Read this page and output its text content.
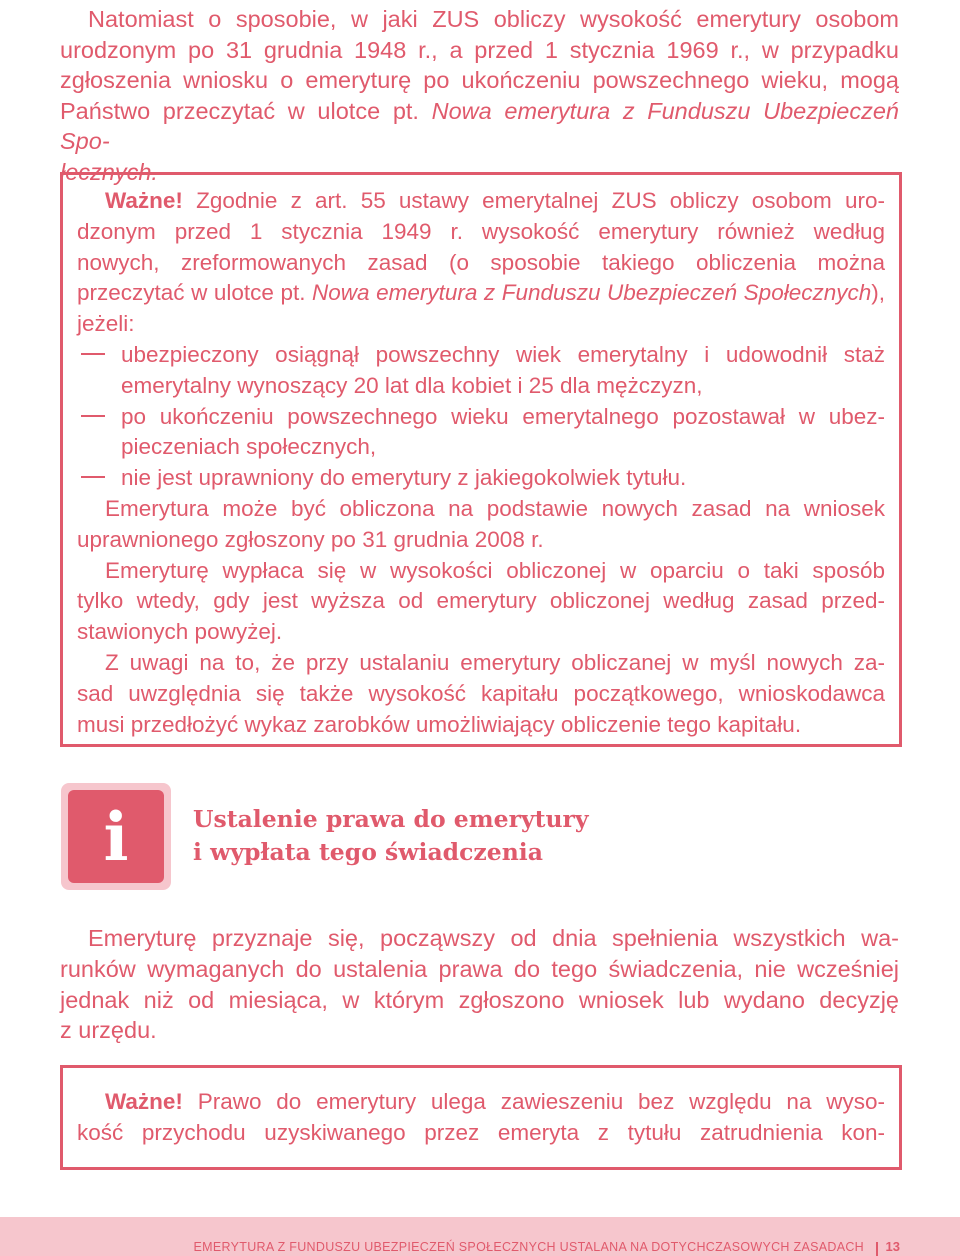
Natomiast o sposobie, w jaki ZUS obliczy wysokość emerytury osobom
urodzonym po 31 grudnia 1948 r., a przed 1 stycznia 1969 r., w przypadku
zgłoszenia wniosku o emeryturę po ukończeniu powszechnego wieku, mogą
Państwo przeczytać w ulotce pt. Nowa emerytura z Funduszu Ubezpieczeń Spo-
łecznych.
Ważne! Zgodnie z art. 55 ustawy emerytalnej ZUS obliczy osobom uro-
dzonym przed 1 stycznia 1949 r. wysokość emerytury również według
nowych, zreformowanych zasad (o sposobie takiego obliczenia można
przeczytać w ulotce pt. Nowa emerytura z Funduszu Ubezpieczeń Społecznych),
jeżeli:
ubezpieczony osiągnął powszechny wiek emerytalny i udowodnił staż
emerytalny wynoszący 20 lat dla kobiet i 25 dla mężczyzn,
po ukończeniu powszechnego wieku emerytalnego pozostawał w ubez-
pieczeniach społecznych,
nie jest uprawniony do emerytury z jakiegokolwiek tytułu.
Emerytura może być obliczona na podstawie nowych zasad na wniosek
uprawnionego zgłoszony po 31 grudnia 2008 r.
Emeryturę wypłaca się w wysokości obliczonej w oparciu o taki sposób
tylko wtedy, gdy jest wyższa od emerytury obliczonej według zasad przed-
stawionych powyżej.
Z uwagi na to, że przy ustalaniu emerytury obliczanej w myśl nowych za-
sad uwzględnia się także wysokość kapitału początkowego, wnioskodawca
musi przedłożyć wykaz zarobków umożliwiający obliczenie tego kapitału.
i	Ustalenie prawa do emerytury
i wypłata tego świadczenia
Emeryturę przyznaje się, począwszy od dnia spełnienia wszystkich wa-
runków wymaganych do ustalenia prawa do tego świadczenia, nie wcześniej
jednak niż od miesiąca, w którym zgłoszono wniosek lub wydano decyzję
z urzędu.
Ważne! Prawo do emerytury ulega zawieszeniu bez względu na wyso-
kość przychodu uzyskiwanego przez emeryta z tytułu zatrudnienia kon-
EMERYTURA Z FUNDUSZU UBEZPIECZEŃ SPOŁECZNYCH USTALANA NA DOTYCHCZASOWYCH ZASADACH 13
